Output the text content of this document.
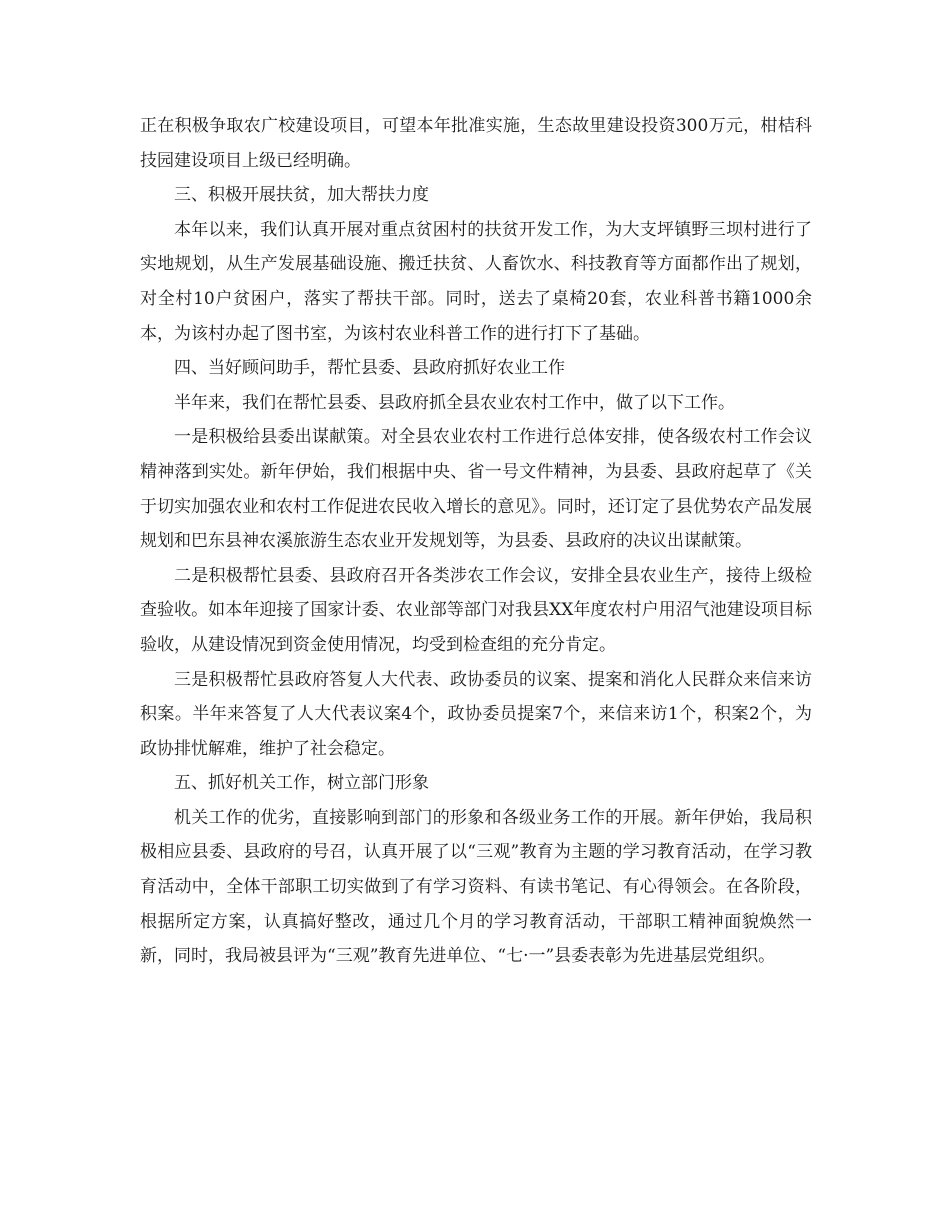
正在积极争取农广校建设项目，可望本年批准实施，生态故里建设投资300万元，柑桔科技园建设项目上级已经明确。

三、积极开展扶贫，加大帮扶力度

本年以来，我们认真开展对重点贫困村的扶贫开发工作，为大支坪镇野三坝村进行了实地规划，从生产发展基础设施、搬迁扶贫、人畜饮水、科技教育等方面都作出了规划，对全村10户贫困户，落实了帮扶干部。同时，送去了桌椅20套，农业科普书籍1000余本，为该村办起了图书室，为该村农业科普工作的进行打下了基础。

四、当好顾问助手，帮忙县委、县政府抓好农业工作

半年来，我们在帮忙县委、县政府抓全县农业农村工作中，做了以下工作。

一是积极给县委出谋献策。对全县农业农村工作进行总体安排，使各级农村工作会议精神落到实处。新年伊始，我们根据中央、省一号文件精神，为县委、县政府起草了《关于切实加强农业和农村工作促进农民收入增长的意见》。同时，还订定了县优势农产品发展规划和巴东县神农溪旅游生态农业开发规划等，为县委、县政府的决议出谋献策。

二是积极帮忙县委、县政府召开各类涉农工作会议，安排全县农业生产，接待上级检查验收。如本年迎接了国家计委、农业部等部门对我县XX年度农村户用沼气池建设项目标验收，从建设情况到资金使用情况，均受到检查组的充分肯定。

三是积极帮忙县政府答复人大代表、政协委员的议案、提案和消化人民群众来信来访积案。半年来答复了人大代表议案4个，政协委员提案7个，来信来访1个，积案2个，为政协排忧解难，维护了社会稳定。

五、抓好机关工作，树立部门形象

机关工作的优劣，直接影响到部门的形象和各级业务工作的开展。新年伊始，我局积极相应县委、县政府的号召，认真开展了以“三观”教育为主题的学习教育活动，在学习教育活动中，全体干部职工切实做到了有学习资料、有读书笔记、有心得领会。在各阶段，根据所定方案，认真搞好整改，通过几个月的学习教育活动，干部职工精神面貌焕然一新，同时，我局被县评为“三观”教育先进单位、“七·一”县委表彰为先进基层党组织。
